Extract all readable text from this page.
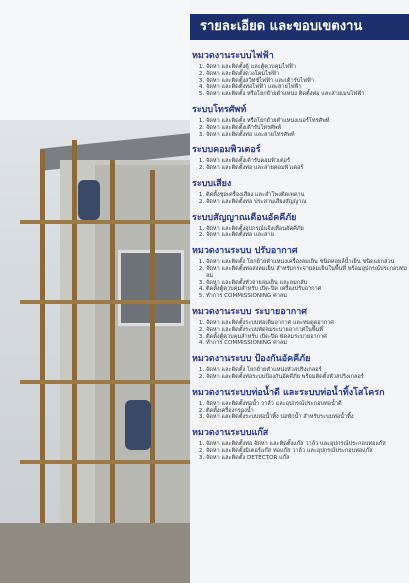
รายละเอียด และขอบเขตงาน
หมวดงานระบบไฟฟ้า
1. จัดหา และติดตั้งตู้ และตู้ควบคุมไฟฟ้า
2. จัดหา และติดตั้งดวงโคมไฟฟ้า
3. จัดหา และติดตั้งสวิทช์ไฟฟ้า และเต้ารับไฟฟ้า
4. จัดหา และติดตั้งท่อไฟฟ้า และสายไฟฟ้า
5. จัดหา และติดตั้ง หรือโยกย้ายตำแหน่ง ติดตั้งท่อ และสายเมนไฟฟ้า
ระบบโทรศัพท์
1. จัดหา และติดตั้ง หรือโยกย้ายตำแหน่งเบอร์โทรศัพท์
2. จัดหา และติดตั้งเต้ารับโทรศัพท์
3. จัดหา และติดตั้งท่อ และสายโทรศัพท์
ระบบคอมพิวเตอร์
1. จัดหา และติดตั้งเต้ารับคอมพิวเตอร์
2. จัดหา และติดตั้งท่อ และสายคอมพิวเตอร์
ระบบเสียง
1. ติดตั้งชุดเครื่องเสียง และลำโพงติดเพดาน
2. จัดหา และติดตั้งท่อ ประสานเสียงสัญญาณ
ระบบสัญญาณเตือนอัคคีภัย
1. จัดหา และติดตั้งอุปกรณ์แจ้งเตือนอัคคีภัย
2. จัดหา และติดตั้งท่อ และสาย
หมวดงานระบบ ปรับอากาศ
1. จัดหา และติดตั้ง โยกย้ายตำแหน่งเครื่องลมเย็น ชนิดคอยล์น้ำเย็น ชนิดแยกส่วน
2. จัดหา และติดตั้งท่อส่งลมเย็น สำหรับกระจายลมเย็นในพื้นที่ พร้อมอุปกรณ์ประกอบท่อลม
3. จัดหา และติดตั้งหัวจ่ายลมเย็น และลมกลับ
4. ติดตั้งตู้ควบคุมสำหรับ เปิด-ปิด เครื่องปรับอากาศ
5. ทำการ COMMISSIONING ค่าลม
หมวดงานระบบ ระบายอากาศ
1. จัดหา และติดตั้งระบบท่อเติมอากาศ และท่อดูดอากาศ
2. จัดหา และติดตั้งระบบพัดลมระบายอากาศในพื้นที่
3. ติดตั้งตู้ควบคุมสำหรับ เปิด-ปิด พัดลมระบายอากาศ
4. ทำการ COMMISSIONING ค่าลม
หมวดงานระบบ ป้องกันอัคคีภัย
1. จัดหา และติดตั้ง โยกย้ายตำแหน่งหัวสปริงเกลอร์
2. จัดหา และติดตั้งท่อระบบป้องกันอัคคีภัย พร้อมติดตั้งหัวสปริงเกลอร์
หมวดงานระบบท่อน้ำดี และระบบท่อน้ำทิ้งโสโครก
1. จัดหา และติดตั้งท่อน้ำ วาล์ว และอุปกรณ์ประกอบท่อน้ำดี
2. ติดตั้งเครื่องกรองน้ำ
3. จัดหา และติดตั้งระบบท่อน้ำทิ้ง บ่อพักน้ำ สำหรับระบบท่อน้ำทิ้ง
หมวดงานระบบแก๊ส
1. จัดหา และติดตั้งท่อ จัดหา และติดตั้งแก๊ส วาล์ว และอุปกรณ์ประกอบท่อแก๊ส
2. จัดหา และติดตั้งมิเตอร์แก๊ส ท่อแก๊ส วาล์ว และอุปกรณ์ประกอบท่อแก๊ส
3. จัดหา และติดตั้ง DETECTOR แก๊ส
